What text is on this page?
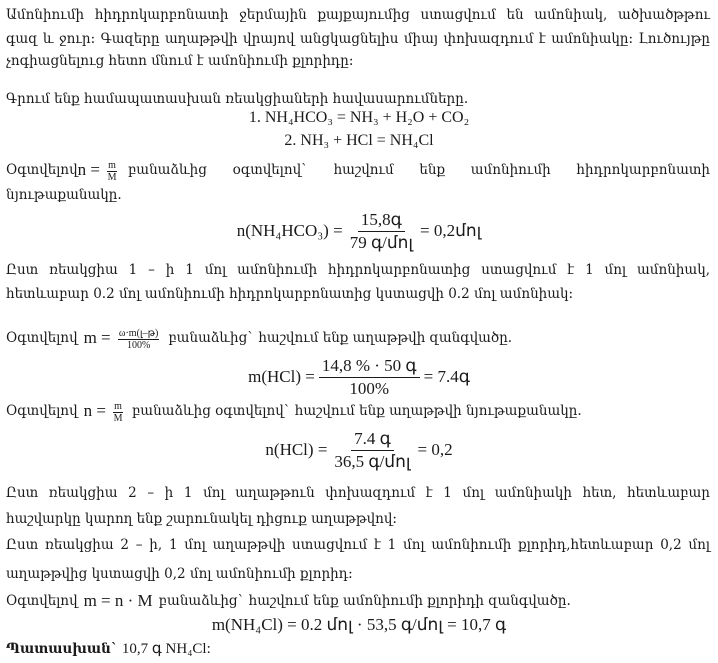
Ամոնիումի հիդրոկարբոնատի ջերմային քայքայումից ստացվում են ամոնիակ, ածխածթթու
գազ և ջուր: Գազերը աղաթթվի վրայով անցկացնելիս միայ փոխազդում է ամոնիակը: Լուծույթը
չոգիացնելուց հետո մնում է ամոնիումի քլորիդը:
Գրում ենք համապատասխան ռեակցիաների հավասարումները.
1. NH₄HCO₃ = NH₃ + H₂O + CO₂
2. NH₃ + HCl = NH₄Cl
Օգտվելով $n = \frac{m}{M}$ բանաձևից օգտվելով` հաշվում ենք ամոնիումի հիդրոկարբոնատի
նյութաքանակը.
$n(NH_4HCO_3) = \frac{\text{15,8գ}}{\text{79 գ/մոլ}}$ = 0,2մոլ
Ըստ ռեակցիա 1 – ի 1 մոլ ամոնիումի հիդրոկարբոնատից ստացվում է 1 մոլ ամոնիակ,
հետևաբար 0.2 մոլ ամոնիումի հիդրոկարբոնատից կստացվի 0.2 մոլ ամոնիակ:
Օգտվելով $m = \frac{\text{ω·m(լ–թ)}}{100\%}$ բանաձևից` հաշվում ենք աղաթթվի զանգվածը.
$m(HCl) = \frac{\text{14,8 \% · 50 գ}}{100\%}$ = 7.4գ
Օգտվելով $n = \frac{m}{M}$ բանաձևից օգտվելով` հաշվում ենք աղաթթվի նյութաքանակը.
$n(HCl) = \frac{\text{7.4 գ}}{\text{36,5 գ/մոլ}} = 0,2$
Ըստ ռեակցիա 2 – ի 1 մոլ աղաթթուն փոխազդում է 1 մոլ ամոնիակի հետ, հետևաբար
հաշվարկը կարող ենք շարունակել դիցուք աղաթթվով:
Ըստ ռեակցիա 2 – ի, 1 մոլ աղաթթվի ստացվում է 1 մոլ ամոնիումի քլորիդ,հետևաբար 0,2 մոլ
աղաթթվից կստացվի 0,2 մոլ ամոնիումի քլորիդ:
Օգտվելով m = n · M բանաձևից` հաշվում ենք ամոնիումի քլորիդի զանգվածը.
m(NH₄Cl) = 0.2 մոլ · 53,5 գ/մոլ = 10,7 գ
Պատասխան` 10,7 գ NH₄Cl:
